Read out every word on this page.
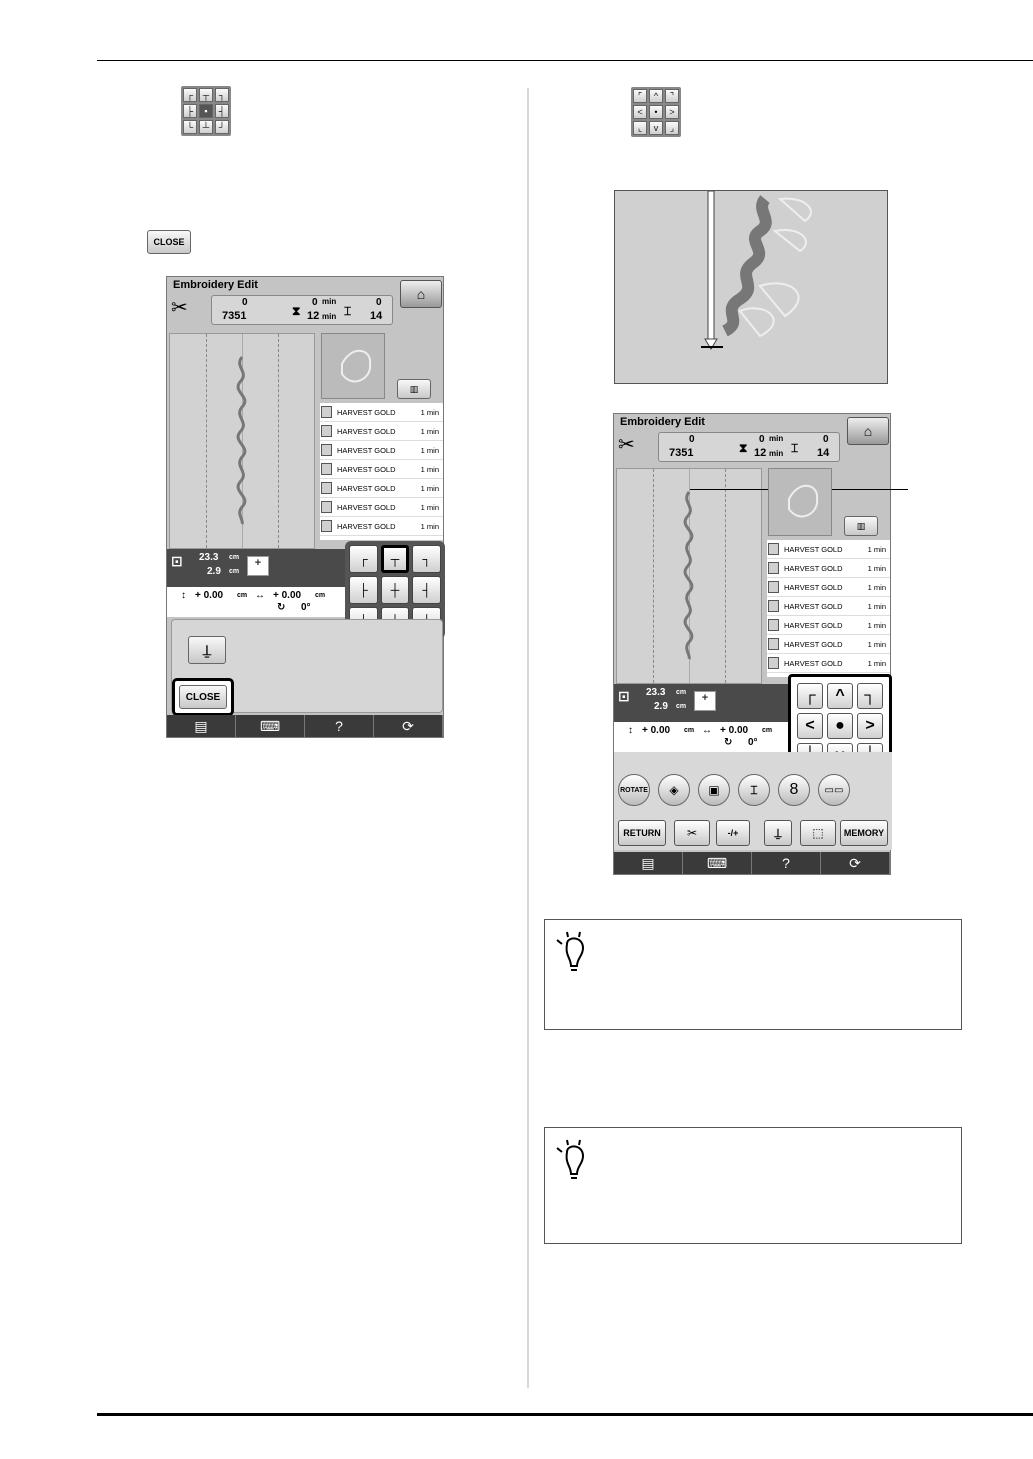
┌	┬	┐
├	▪	┤
└	┴	┘
CLOSE
Embroidery Edit
✂	0
7351	⧗
0 min
12 min ⌶
0
14
⌂
▥
HARVEST GOLD	1 min
HARVEST GOLD	1 min
HARVEST GOLD	1 min
HARVEST GOLD	1 min
HARVEST GOLD	1 min
HARVEST GOLD	1 min
HARVEST GOLD	1 min
⊡ 23.3 cm
2.9 cm
+
↕ + 0.00 cm ↔ + 0.00 cm
↻ 0°
┌	┬	┐
├	┼	┤
⍊
CLOSE
▤	⌨	?	⟳
⌜	^	⌝
<	•	>
⌞	v	⌟
Embroidery Edit
✂	0
7351	⧗
0 min
12 min ⌶
0
14
⌂
▥
HARVEST GOLD	1 min
HARVEST GOLD	1 min
HARVEST GOLD	1 min
HARVEST GOLD	1 min
HARVEST GOLD	1 min
HARVEST GOLD	1 min
HARVEST GOLD	1 min
⊡ 23.3 cm
2.9 cm
+
↕ + 0.00 cm ↔ + 0.00 cm
↻ 0°
┌	^	┐
<	●	>
ROTATE ◈ ▣	⌶	8	▭▭
RETURN	✂	-/+	⍊	⬚	MEMORY
▤	⌨	?	⟳
